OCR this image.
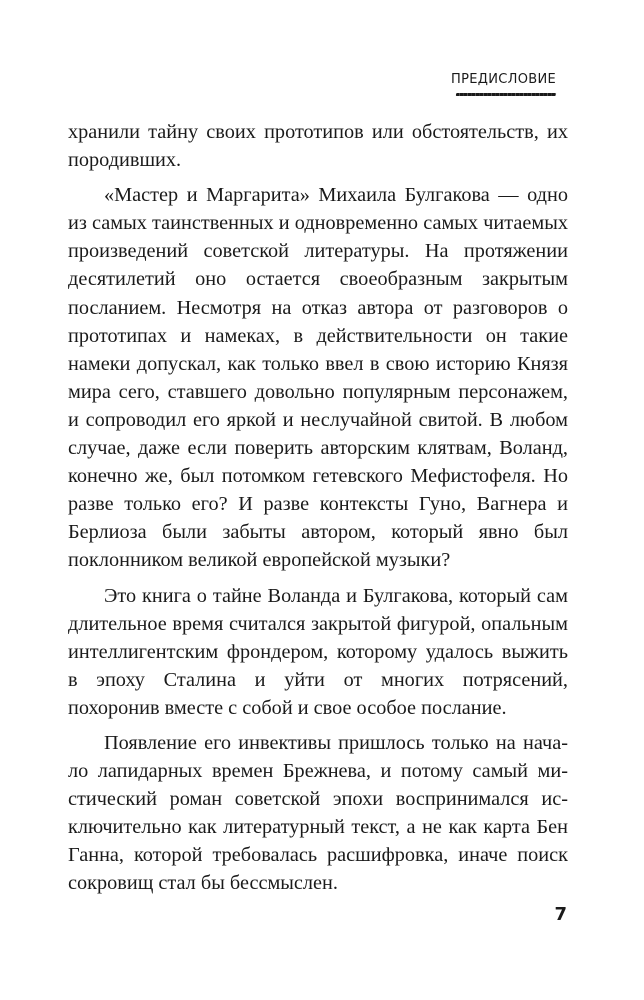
ПРЕДИСЛОВИЕ

хранили тайну своих прототипов или обстоятельств, их породивших.

«Мастер и Маргарита» Михаила Булгакова — одно из самых таинственных и одновременно самых читаемых произведений советской литературы. На протяжении десятилетий оно остается своеобразным закрытым посланием. Несмотря на отказ автора от разговоров о прототипах и намеках, в действительности он такие намеки допускал, как только ввел в свою историю Князя мира сего, ставшего довольно популярным персонажем, и сопроводил его яркой и неслучайной свитой. В любом случае, даже если поверить авторским клятвам, Воланд, конечно же, был потомком гетевского Мефистофеля. Но разве только его? И разве контексты Гуно, Вагнера и Берлиоза были забыты автором, который явно был поклонником великой европейской музыки?

Это книга о тайне Воланда и Булгакова, который сам длительное время считался закрытой фигурой, опальным интеллигентским фрондером, которому удалось выжить в эпоху Сталина и уйти от многих потрясений, похоронив вместе с собой и свое особое послание.

Появление его инвективы пришлось только на начало лапидарных времен Брежнева, и потому самый мистический роман советской эпохи воспринимался исключительно как литературный текст, а не как карта Бен Ганна, которой требовалась расшифровка, иначе поиск сокровищ стал бы бессмыслен.

7
